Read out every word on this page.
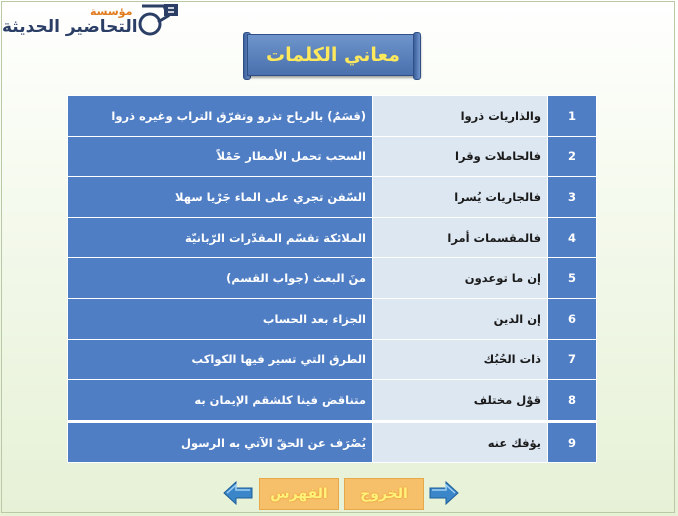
مؤسسة
التحاضير الحديثة
معاني الكلمات
(قسَمٌ) بالرياح تذرو وتفرّق التراب وغيره ذروا	والذاريات ذروا	1
السحب تحمل الأمطار حَمْلاً	فالحاملات وقرا	2
السّفن تجري على الماء جَرْيا سهلا	فالجاريات يُسرا	3
الملائكة تقسّم المقدّرات الرّبانيّة	فالمقسمات أمرا	4
منَ البعث (جواب القسم)	إن ما توعدون	5
الجزاء بعد الحساب	إن الدين	6
الطرق التي تسير فيها الكواكب	ذات الحُبُك	7
متناقض فينا كلشقم الإيمان به	قوْل مختلف	8
يُصْرَف عن الحقّ الآتي به الرسول	يؤفك عنه	9
الفهرس	الخروج
